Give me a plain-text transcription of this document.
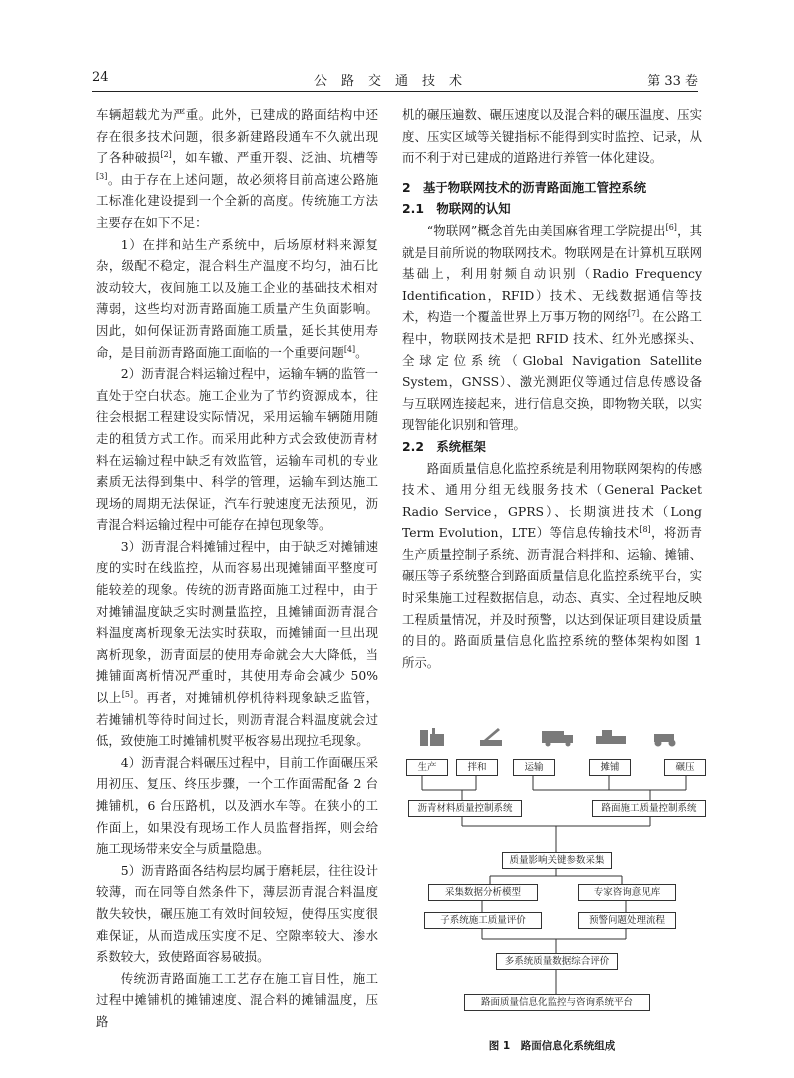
24	公路交通技术	第 33 卷

车辆超载尤为严重。此外，已建成的路面结构中还存在很多技术问题，很多新建路段通车不久就出现了各种破损[2]，如车辙、严重开裂、泛油、坑槽等[3]。由于存在上述问题，故必须将目前高速公路施工标准化建设提到一个全新的高度。传统施工方法主要存在如下不足：

1）在拌和站生产系统中，后场原材料来源复杂，级配不稳定，混合料生产温度不均匀，油石比波动较大，夜间施工以及施工企业的基础技术相对薄弱，这些均对沥青路面施工质量产生负面影响。因此，如何保证沥青路面施工质量，延长其使用寿命，是目前沥青路面施工面临的一个重要问题[4]。

2）沥青混合料运输过程中，运输车辆的监管一直处于空白状态。施工企业为了节约资源成本，往往会根据工程建设实际情况，采用运输车辆随用随走的租赁方式工作。而采用此种方式会致使沥青材料在运输过程中缺乏有效监管，运输车司机的专业素质无法得到集中、科学的管理，运输车到达施工现场的周期无法保证，汽车行驶速度无法预见，沥青混合料运输过程中可能存在掉包现象等。

3）沥青混合料摊铺过程中，由于缺乏对摊铺速度的实时在线监控，从而容易出现摊铺面平整度可能较差的现象。传统的沥青路面施工过程中，由于对摊铺温度缺乏实时测量监控，且摊铺面沥青混合料温度离析现象无法实时获取，而摊铺面一旦出现离析现象，沥青面层的使用寿命就会大大降低，当摊铺面离析情况严重时，其使用寿命会减少 50% 以上[5]。再者，对摊铺机停机待料现象缺乏监管，若摊铺机等待时间过长，则沥青混合料温度就会过低，致使施工时摊铺机熨平板容易出现拉毛现象。

4）沥青混合料碾压过程中，目前工作面碾压采用初压、复压、终压步骤，一个工作面需配备 2 台摊铺机，6 台压路机，以及洒水车等。在狭小的工作面上，如果没有现场工作人员监督指挥，则会给施工现场带来安全与质量隐患。

5）沥青路面各结构层均属于磨耗层，往往设计较薄，而在同等自然条件下，薄层沥青混合料温度散失较快，碾压施工有效时间较短，使得压实度很难保证，从而造成压实度不足、空隙率较大、渗水系数较大，致使路面容易破损。

传统沥青路面施工工艺存在施工盲目性，施工过程中摊铺机的摊铺速度、混合料的摊铺温度，压路

机的碾压遍数、碾压速度以及混合料的碾压温度、压实度、压实区域等关键指标不能得到实时监控、记录，从而不利于对已建成的道路进行养管一体化建设。

2　基于物联网技术的沥青路面施工管控系统
2.1　物联网的认知

“物联网”概念首先由美国麻省理工学院提出[6]，其就是目前所说的物联网技术。物联网是在计算机互联网基础上，利用射频自动识别（Radio Frequency Identification，RFID）技术、无线数据通信等技术，构造一个覆盖世界上万事万物的网络[7]。在公路工程中，物联网技术是把 RFID 技术、红外光感探头、全球定位系统（Global Navigation Satellite System，GNSS）、激光测距仪等通过信息传感设备与互联网连接起来，进行信息交换，即物物关联，以实现智能化识别和管理。

2.2　系统框架

路面质量信息化监控系统是利用物联网架构的传感技术、通用分组无线服务技术（General Packet Radio Service，GPRS）、长期演进技术（Long Term Evolution，LTE）等信息传输技术[8]，将沥青生产质量控制子系统、沥青混合料拌和、运输、摊铺、碾压等子系统整合到路面质量信息化监控系统平台，实时采集施工过程数据信息，动态、真实、全过程地反映工程质量情况，并及时预警，以达到保证项目建设质量的目的。路面质量信息化监控系统的整体架构如图 1 所示。

生产	拌和	运输	摊铺	碾压
沥青材料质量控制系统	路面施工质量控制系统
质量影响关键参数采集
采集数据分析模型	专家咨询意见库
子系统施工质量评价	预警问题处理流程
多系统质量数据综合评价
路面质量信息化监控与咨询系统平台
图 1　路面信息化系统组成
